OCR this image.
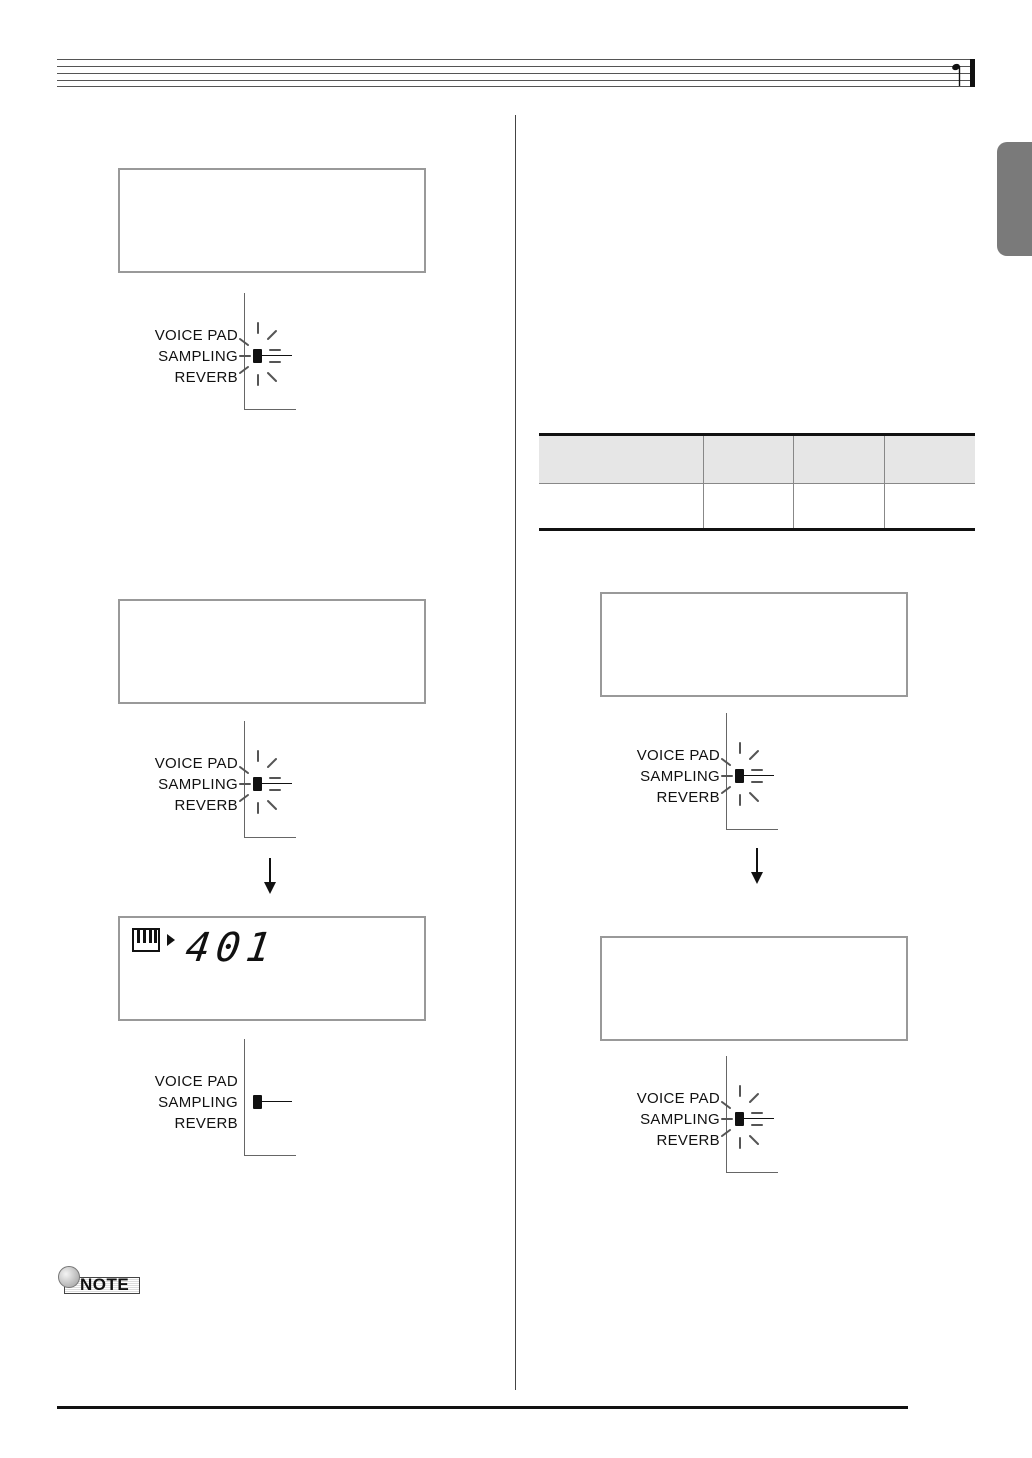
VOICE PAD
SAMPLING
REVERB
VOICE PAD
SAMPLING
REVERB
401
VOICE PAD
SAMPLING
REVERB
NOTE
VOICE PAD
SAMPLING
REVERB
VOICE PAD
SAMPLING
REVERB
